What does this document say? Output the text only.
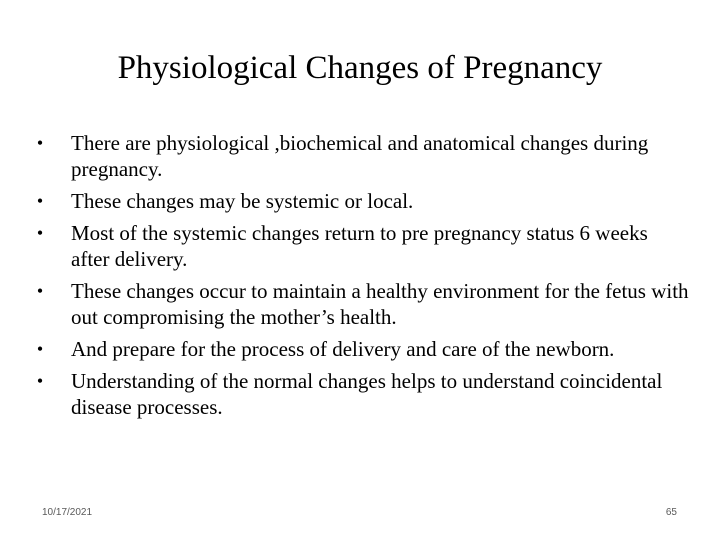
Physiological Changes of Pregnancy
•	There are physiological ,biochemical and anatomical changes during pregnancy.
•	These changes may be systemic or local.
•	Most of the systemic changes return to pre pregnancy status 6 weeks after delivery.
•	These changes occur to maintain a healthy environment for the fetus with out compromising the mother’s health.
•	And prepare for the process of delivery and care of the newborn.
•	Understanding of the normal changes helps to understand coincidental disease processes.
10/17/2021	65
